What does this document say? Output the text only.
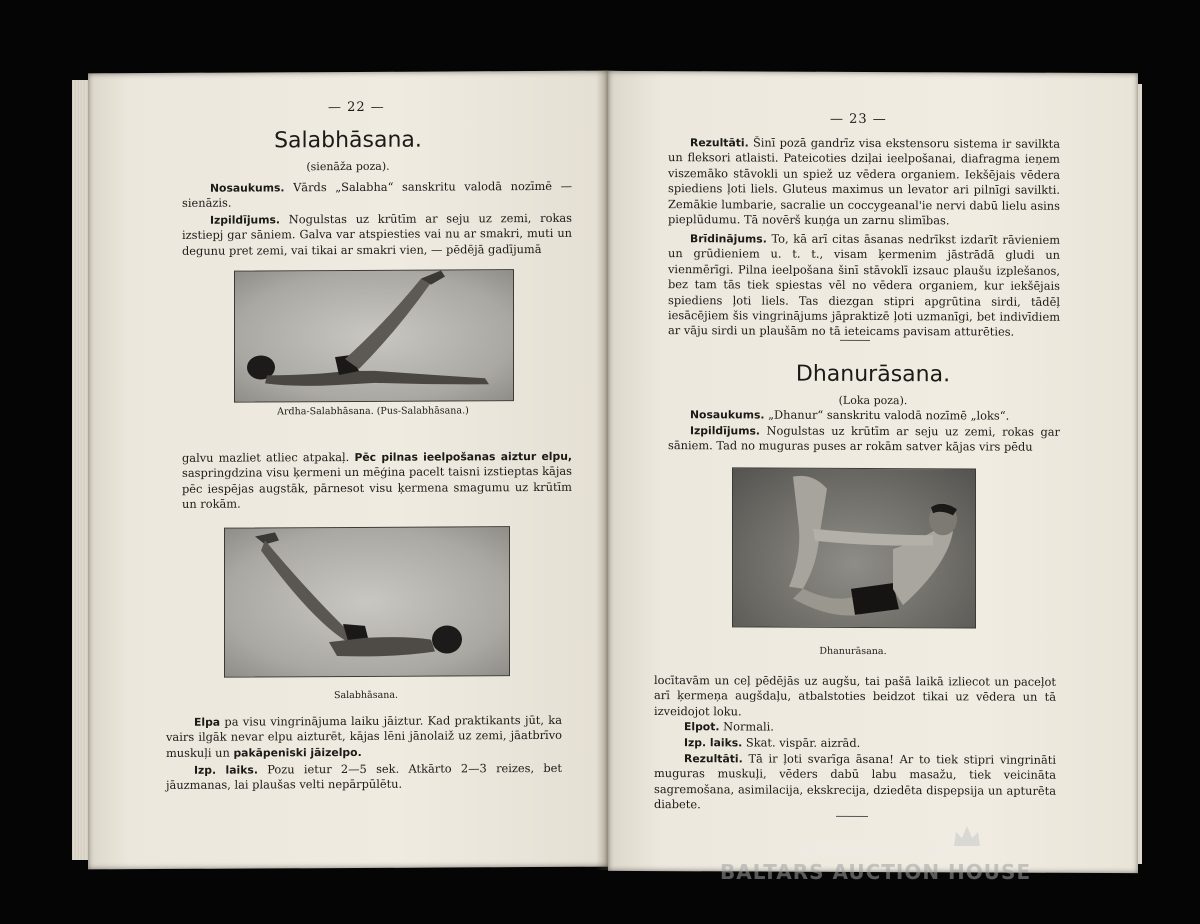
— 22 —
Salabhāsana.
(sienāža poza).

Nosaukums. Vārds „Salabha“ sanskritu valodā nozīmē — sienāzis.

Izpildījums. Nogulstas uz krūtīm ar seju uz zemi, rokas izstiepj gar sāniem. Galva var atspiesties vai nu ar smakri, muti un degunu pret zemi, vai tikai ar smakri vien, — pēdējā gadījumā

Ardha-Salabhāsana. (Pus-Salabhāsana.)

galvu mazliet atliec atpakaļ. Pēc pilnas ieelpošanas aiztur elpu, saspringdzina visu ķermeni un mēģina pacelt taisni izstieptas kājas pēc iespējas augstāk, pārnesot visu ķermena smagumu uz krūtīm un rokām.

Salabhāsana.

Elpa pa visu vingrinājuma laiku jāiztur. Kad praktikants jūt, ka vairs ilgāk nevar elpu aizturēt, kājas lēni jānolaiž uz zemi, jāatbrīvo muskuļi un pakāpeniski jāizelpo.

Izp. laiks. Pozu ietur 2—5 sek. Atkārto 2—3 reizes, bet jāuzmanas, lai plaušas velti nepārpūlētu.

— 23 —

Rezultāti. Šinī pozā gandrīz visa ekstensoru sistema ir savilkta un fleksori atlaisti. Pateicoties dziļai ieelpošanai, diafragma ieņem viszemāko stāvokli un spiež uz vēdera organiem. Iekšējais vēdera spiediens ļoti liels. Gluteus maximus un levator ari pilnīgi savilkti. Zemākie lumbarie, sacralie un coccygeanal'ie nervi dabū lielu asins pieplūdumu. Tā novērš kuņģa un zarnu slimības.

Brīdinājums. To, kā arī citas āsanas nedrīkst izdarīt rāvieniem un grūdieniem u. t. t., visam ķermenim jāstrādā gludi un vienmērīgi. Pilna ieelpošana šinī stāvoklī izsauc plaušu izplešanos, bez tam tās tiek spiestas vēl no vēdera organiem, kur iekšējais spiediens ļoti liels. Tas diezgan stipri apgrūtina sirdi, tādēļ iesācējiem šis vingrinājums jāpraktizē ļoti uzmanīgi, bet indivīdiem ar vāju sirdi un plaušām no tā ieteicams pavisam atturēties.

Dhanurāsana.
(Loka poza).

Nosaukums. „Dhanur“ sanskritu valodā nozīmē „loks“.

Izpildījums. Nogulstas uz krūtīm ar seju uz zemi, rokas gar sāniem. Tad no muguras puses ar rokām satver kājas virs pēdu

Dhanurāsana.

locītavām un ceļ pēdējās uz augšu, tai pašā laikā izliecot un paceļot arī ķermeņa augšdaļu, atbalstoties beidzot tikai uz vēdera un tā izveidojot loku.

Elpot. Normali.

Izp. laiks. Skat. vispār. aizrād.

Rezultāti. Tā ir ļoti svarīga āsana! Ar to tiek stipri vingrināti muguras muskuļi, vēders dabū labu masažu, tiek veicināta sagremošana, asimilacija, ekskrecija, dziedēta dispepsija un apturēta diabete.

antiques and art
BALTARS AUCTION HOUSE
